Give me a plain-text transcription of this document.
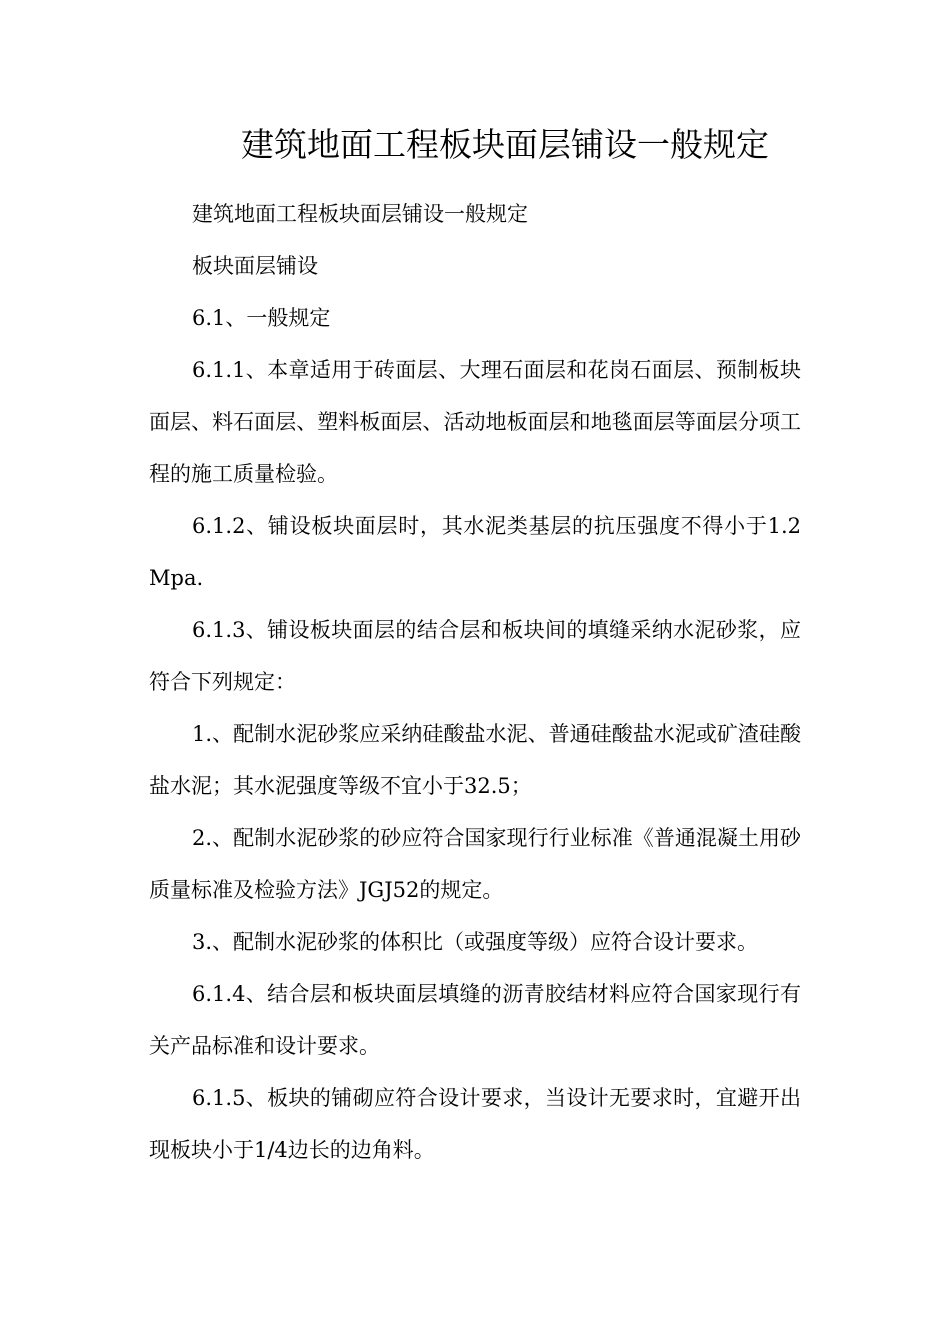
建筑地面工程板块面层铺设一般规定

建筑地面工程板块面层铺设一般规定

板块面层铺设

6.1、一般规定

6.1.1、本章适用于砖面层、大理石面层和花岗石面层、预制板块面层、料石面层、塑料板面层、活动地板面层和地毯面层等面层分项工程的施工质量检验。

6.1.2、铺设板块面层时，其水泥类基层的抗压强度不得小于1.2Mpa.

6.1.3、铺设板块面层的结合层和板块间的填缝采纳水泥砂浆，应符合下列规定：

1.、配制水泥砂浆应采纳硅酸盐水泥、普通硅酸盐水泥或矿渣硅酸盐水泥；其水泥强度等级不宜小于32.5；

2.、配制水泥砂浆的砂应符合国家现行行业标准《普通混凝土用砂质量标准及检验方法》JGJ52的规定。

3.、配制水泥砂浆的体积比（或强度等级）应符合设计要求。

6.1.4、结合层和板块面层填缝的沥青胶结材料应符合国家现行有关产品标准和设计要求。

6.1.5、板块的铺砌应符合设计要求，当设计无要求时，宜避开出现板块小于1/4边长的边角料。
